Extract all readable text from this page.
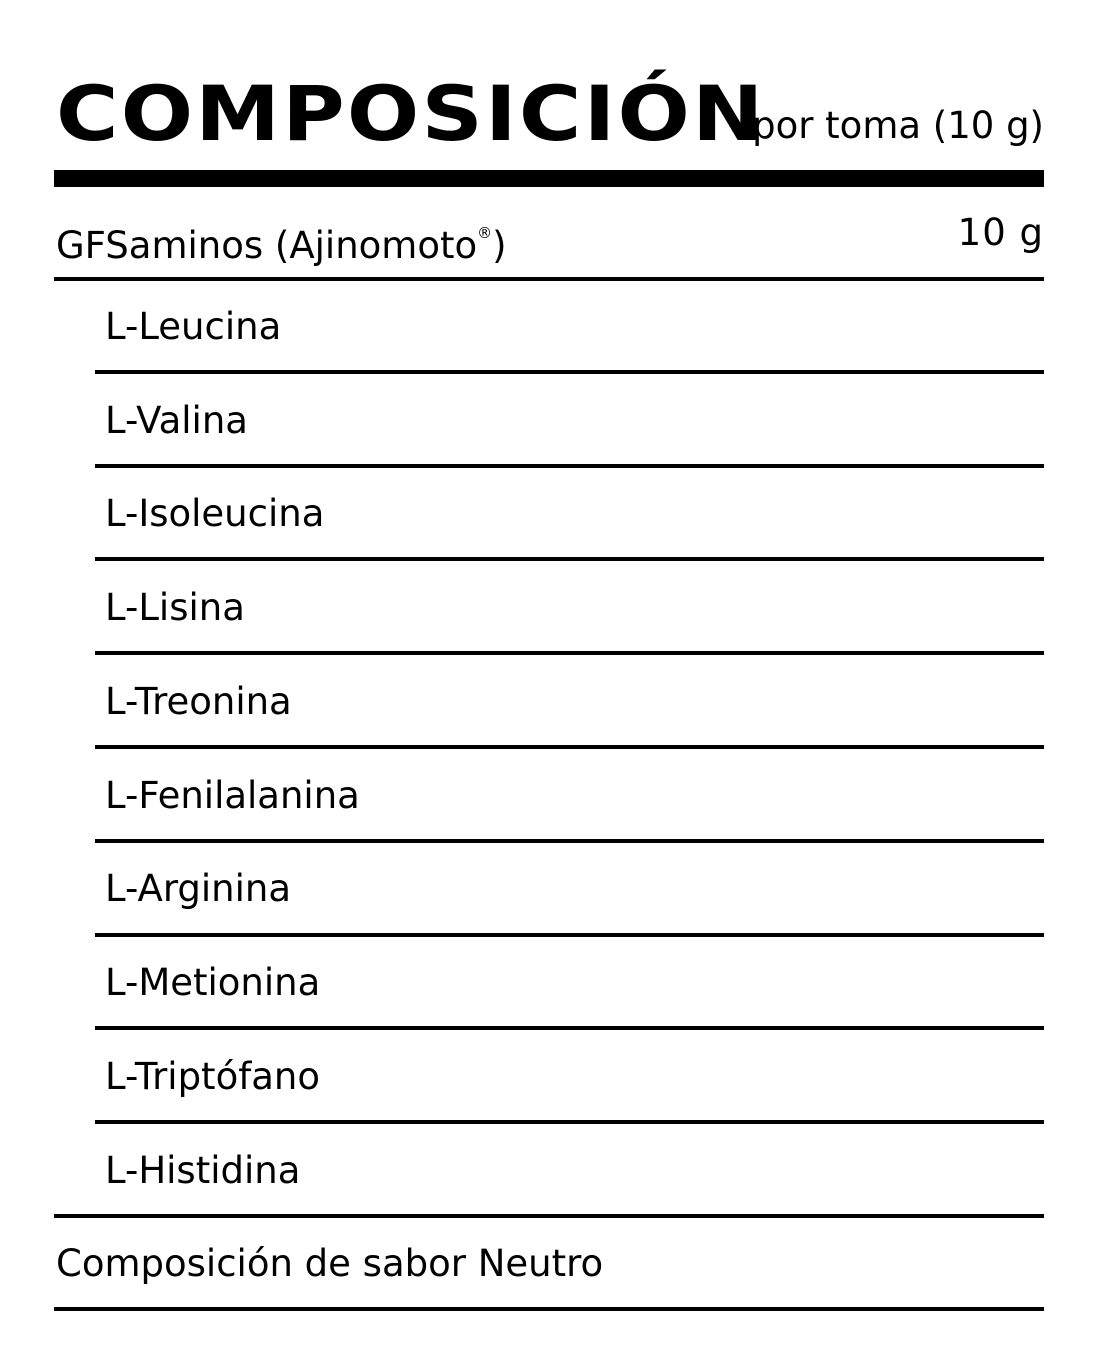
COMPOSICIÓN
por toma (10 g)
GFSaminos (Ajinomoto®)	10 g
L-Leucina
L-Valina
L-Isoleucina
L-Lisina
L-Treonina
L-Fenilalanina
L-Arginina
L-Metionina
L-Triptófano
L-Histidina
Composición de sabor Neutro
